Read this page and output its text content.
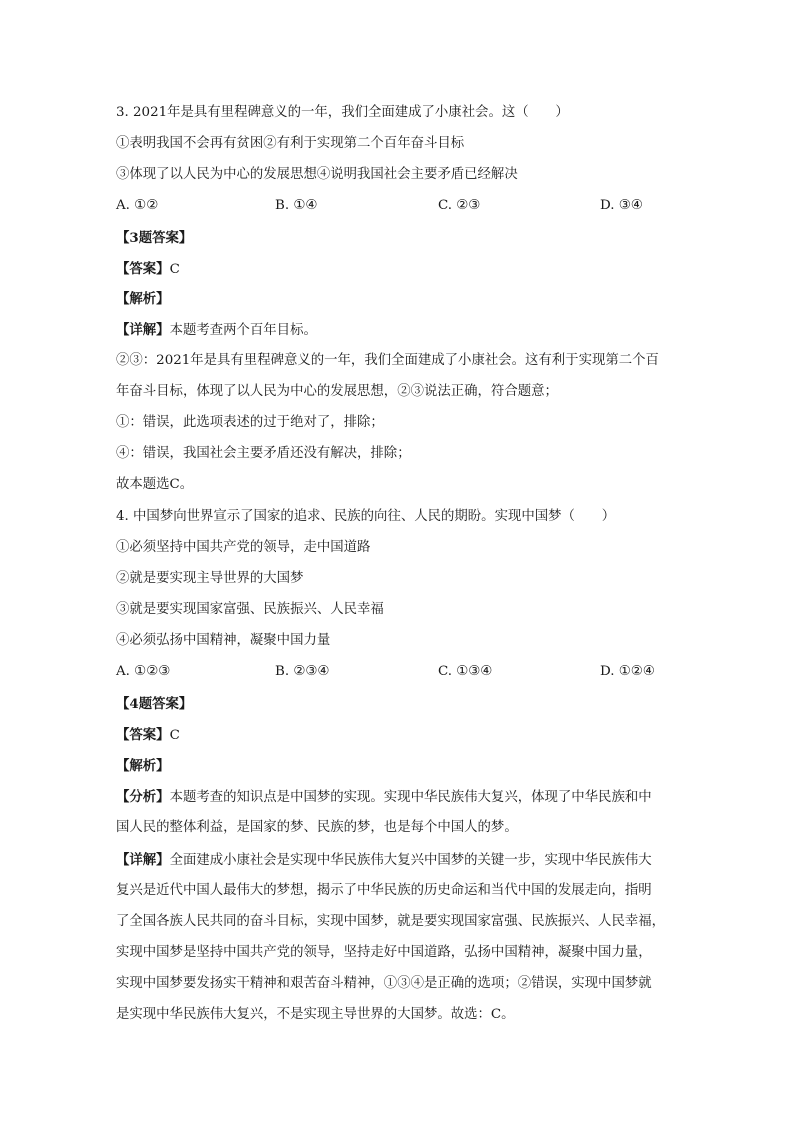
3. 2021年是具有里程碑意义的一年，我们全面建成了小康社会。这（　　）
①表明我国不会再有贫困②有利于实现第二个百年奋斗目标
③体现了以人民为中心的发展思想④说明我国社会主要矛盾已经解决
A. ①②	B. ①④	C. ②③	D. ③④
【3题答案】
【答案】C
【解析】
【详解】本题考查两个百年目标。
②③：2021年是具有里程碑意义的一年，我们全面建成了小康社会。这有利于实现第二个百
年奋斗目标，体现了以人民为中心的发展思想，②③说法正确，符合题意；
①：错误，此选项表述的过于绝对了，排除；
④：错误，我国社会主要矛盾还没有解决，排除；
故本题选C。
4. 中国梦向世界宣示了国家的追求、民族的向往、人民的期盼。实现中国梦（　　）
①必须坚持中国共产党的领导，走中国道路
②就是要实现主导世界的大国梦
③就是要实现国家富强、民族振兴、人民幸福
④必须弘扬中国精神，凝聚中国力量
A. ①②③	B. ②③④	C. ①③④	D. ①②④
【4题答案】
【答案】C
【解析】
【分析】本题考查的知识点是中国梦的实现。实现中华民族伟大复兴，体现了中华民族和中
国人民的整体利益，是国家的梦、民族的梦，也是每个中国人的梦。
【详解】全面建成小康社会是实现中华民族伟大复兴中国梦的关键一步，实现中华民族伟大
复兴是近代中国人最伟大的梦想，揭示了中华民族的历史命运和当代中国的发展走向，指明
了全国各族人民共同的奋斗目标，实现中国梦，就是要实现国家富强、民族振兴、人民幸福，
实现中国梦是坚持中国共产党的领导，坚持走好中国道路，弘扬中国精神，凝聚中国力量，
实现中国梦要发扬实干精神和艰苦奋斗精神，①③④是正确的选项；②错误，实现中国梦就
是实现中华民族伟大复兴，不是实现主导世界的大国梦。故选：C。
